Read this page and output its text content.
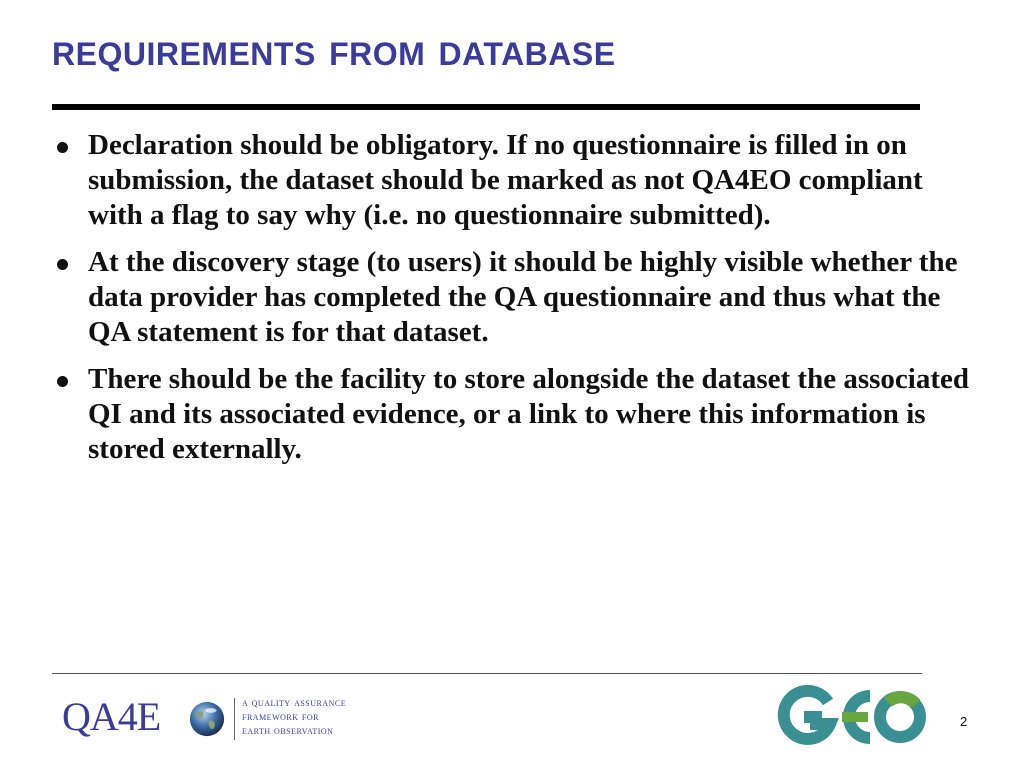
requirements from database
Declaration should be obligatory. If no questionnaire is filled in on submission, the dataset should be marked as not QA4EO compliant with a flag to say why (i.e. no questionnaire submitted).
At the discovery stage (to users) it should be highly visible whether the data provider has completed the QA questionnaire and thus what the QA statement is for that dataset.
There should be the facility to store alongside the dataset the associated QI and its associated evidence, or a link to where this information is stored externally.
QA4E	a quality assurance
framework for
earth observation
2
